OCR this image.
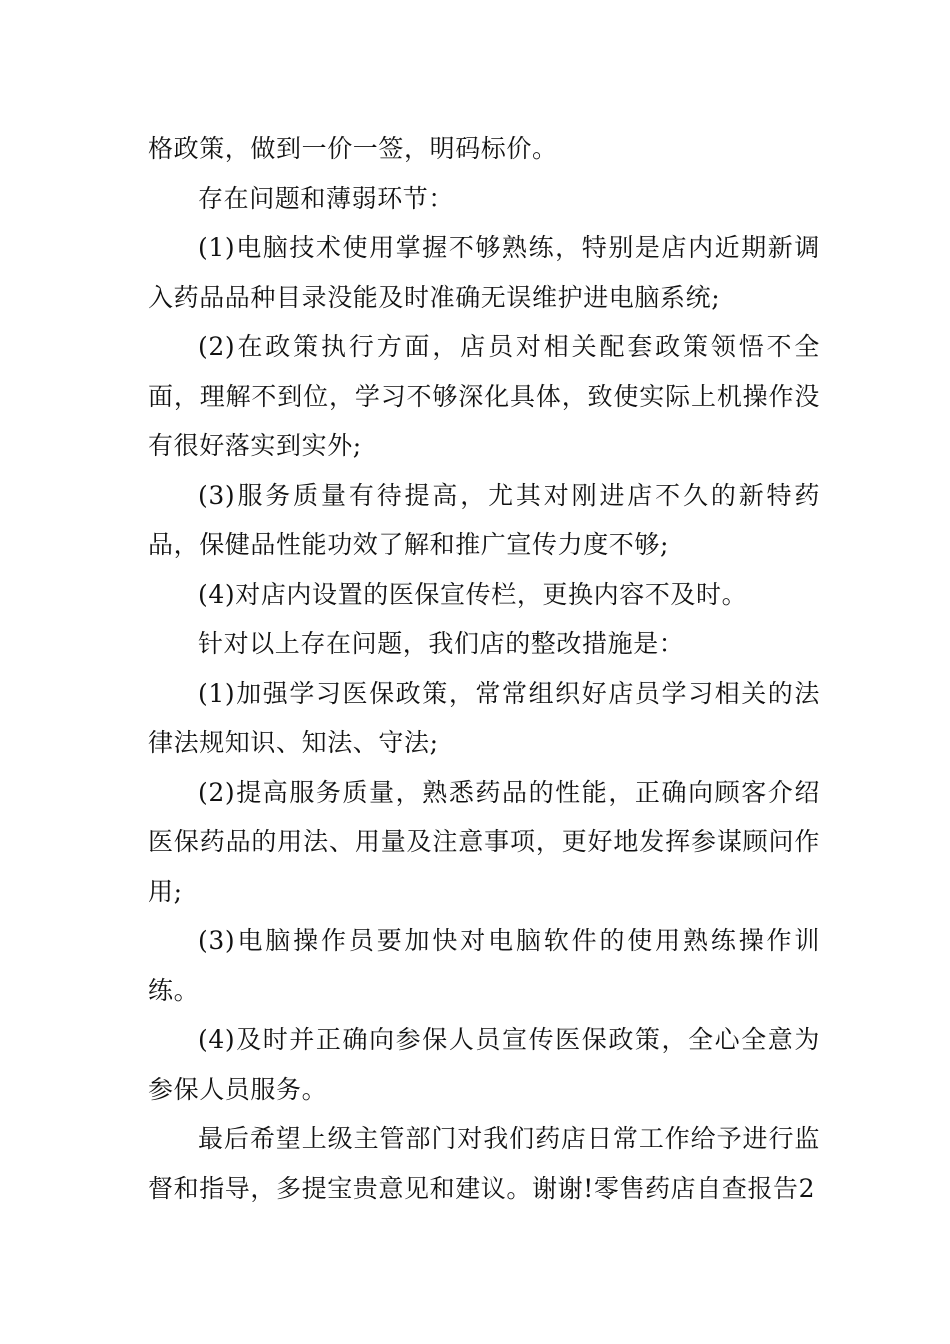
格政策，做到一价一签，明码标价。

存在问题和薄弱环节：

(1)电脑技术使用掌握不够熟练，特别是店内近期新调入药品品种目录没能及时准确无误维护进电脑系统;

(2)在政策执行方面，店员对相关配套政策领悟不全面，理解不到位，学习不够深化具体，致使实际上机操作没有很好落实到实外;

(3)服务质量有待提高，尤其对刚进店不久的新特药品，保健品性能功效了解和推广宣传力度不够;

(4)对店内设置的医保宣传栏，更换内容不及时。

针对以上存在问题，我们店的整改措施是：

(1)加强学习医保政策，常常组织好店员学习相关的法律法规知识、知法、守法;

(2)提高服务质量，熟悉药品的性能，正确向顾客介绍医保药品的用法、用量及注意事项，更好地发挥参谋顾问作用;

(3)电脑操作员要加快对电脑软件的使用熟练操作训练。

(4)及时并正确向参保人员宣传医保政策，全心全意为参保人员服务。

最后希望上级主管部门对我们药店日常工作给予进行监督和指导，多提宝贵意见和建议。谢谢!零售药店自查报告2
